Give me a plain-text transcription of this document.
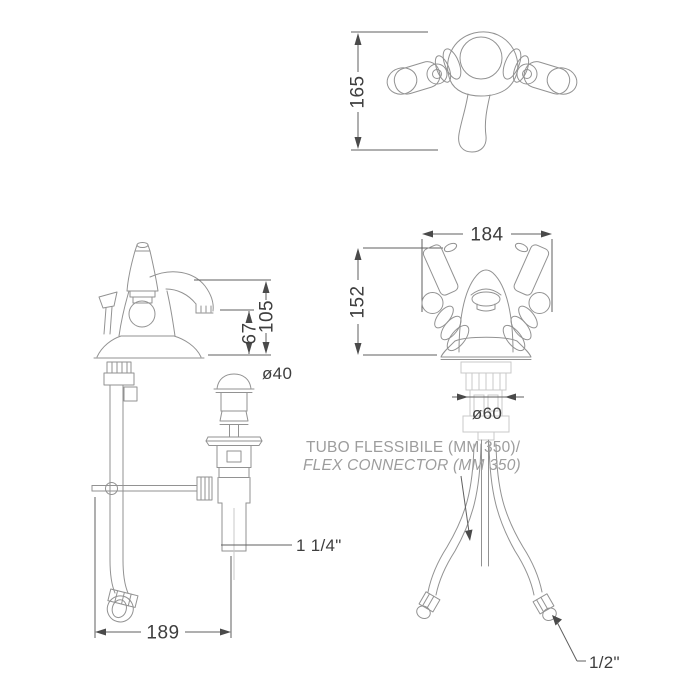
165
184
152
ø60
TUBO FLESSIBILE (MM 350)/
FLEX CONNECTOR (MM 350)
1/2"
105
67
ø40
1 1/4"
189
